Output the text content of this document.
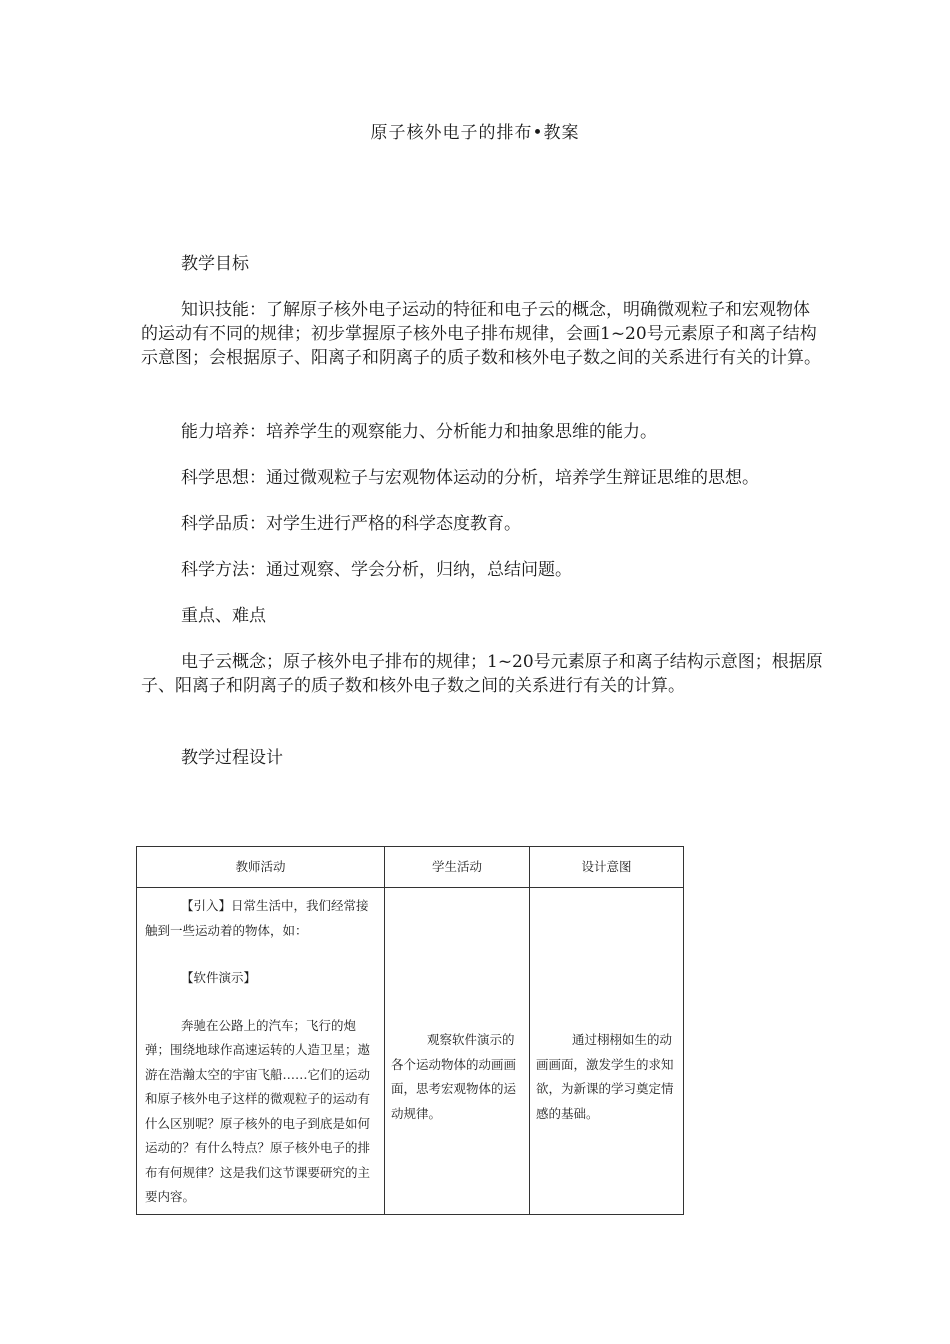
原子核外电子的排布•教案

教学目标

知识技能：了解原子核外电子运动的特征和电子云的概念，明确微观粒子和宏观物体的运动有不同的规律；初步掌握原子核外电子排布规律，会画1~20号元素原子和离子结构示意图；会根据原子、阳离子和阴离子的质子数和核外电子数之间的关系进行有关的计算。

能力培养：培养学生的观察能力、分析能力和抽象思维的能力。

科学思想：通过微观粒子与宏观物体运动的分析，培养学生辩证思维的思想。

科学品质：对学生进行严格的科学态度教育。

科学方法：通过观察、学会分析，归纳，总结问题。

重点、难点

电子云概念；原子核外电子排布的规律；1~20号元素原子和离子结构示意图；根据原子、阳离子和阴离子的质子数和核外电子数之间的关系进行有关的计算。

教学过程设计

教师活动	学生活动	设计意图

【引入】日常生活中，我们经常接触到一些运动着的物体，如：

【软件演示】

奔驰在公路上的汽车；飞行的炮弹；围绕地球作高速运转的人造卫星；遨游在浩瀚太空的宇宙飞船……它们的运动和原子核外电子这样的微观粒子的运动有什么区别呢？原子核外的电子到底是如何运动的？有什么特点？原子核外电子的排布有何规律？这是我们这节课要研究的主要内容。	观察软件演示的各个运动物体的动画画面，思考宏观物体的运动规律。	通过栩栩如生的动画画面，激发学生的求知欲，为新课的学习奠定情感的基础。
